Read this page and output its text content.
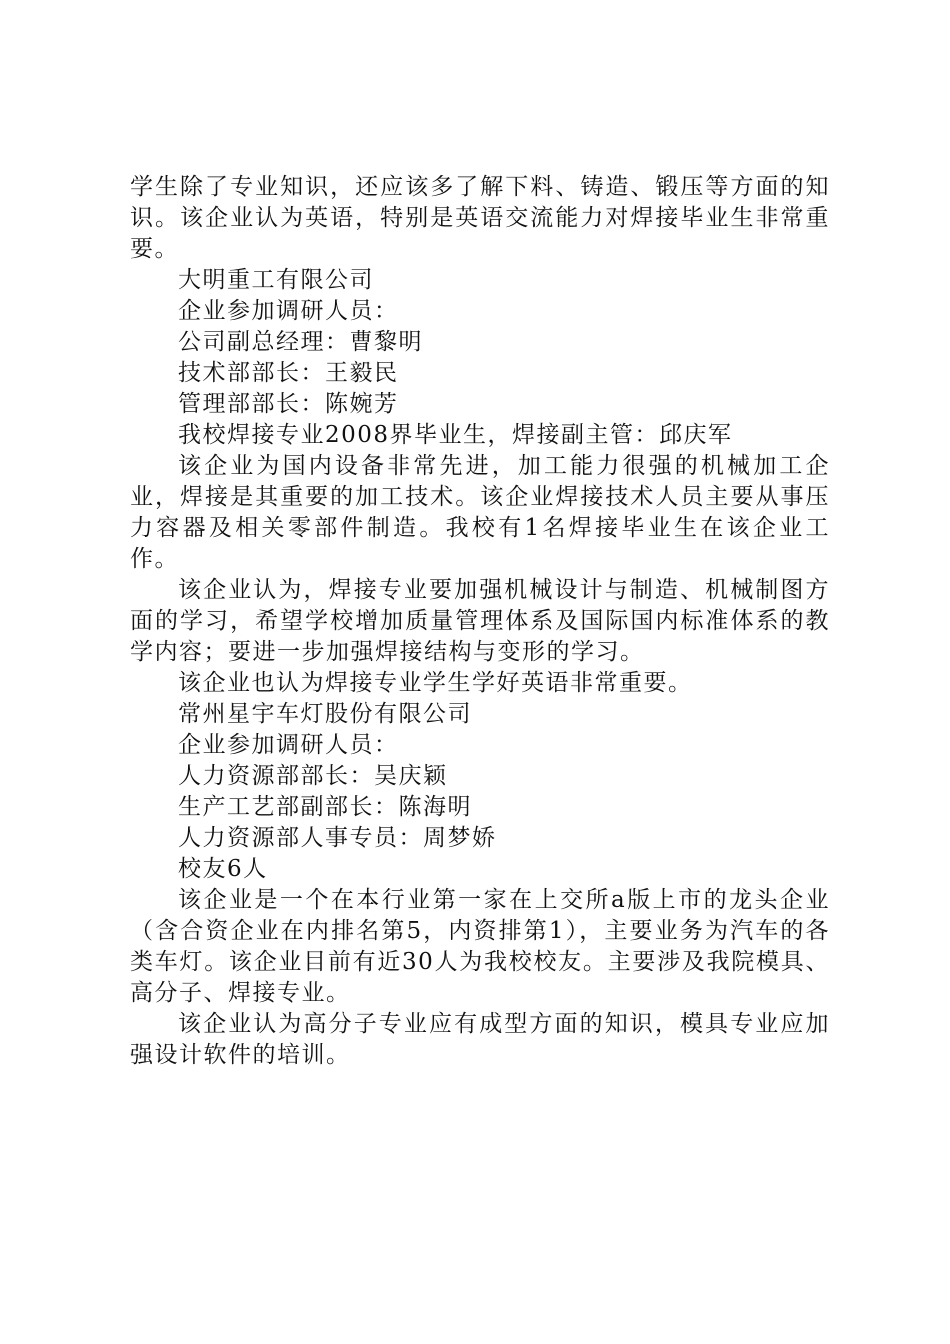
学生除了专业知识，还应该多了解下料、铸造、锻压等方面的知识。该企业认为英语，特别是英语交流能力对焊接毕业生非常重要。

大明重工有限公司

企业参加调研人员：

公司副总经理：曹黎明

技术部部长：王毅民

管理部部长：陈婉芳

我校焊接专业2008界毕业生，焊接副主管：邱庆军

该企业为国内设备非常先进，加工能力很强的机械加工企业，焊接是其重要的加工技术。该企业焊接技术人员主要从事压力容器及相关零部件制造。我校有1名焊接毕业生在该企业工作。

该企业认为，焊接专业要加强机械设计与制造、机械制图方面的学习，希望学校增加质量管理体系及国际国内标准体系的教学内容；要进一步加强焊接结构与变形的学习。

该企业也认为焊接专业学生学好英语非常重要。

常州星宇车灯股份有限公司

企业参加调研人员：

人力资源部部长：吴庆颖

生产工艺部副部长：陈海明

人力资源部人事专员：周梦娇

校友6人

该企业是一个在本行业第一家在上交所a版上市的龙头企业（含合资企业在内排名第5，内资排第1），主要业务为汽车的各类车灯。该企业目前有近30人为我校校友。主要涉及我院模具、高分子、焊接专业。

该企业认为高分子专业应有成型方面的知识，模具专业应加强设计软件的培训。
